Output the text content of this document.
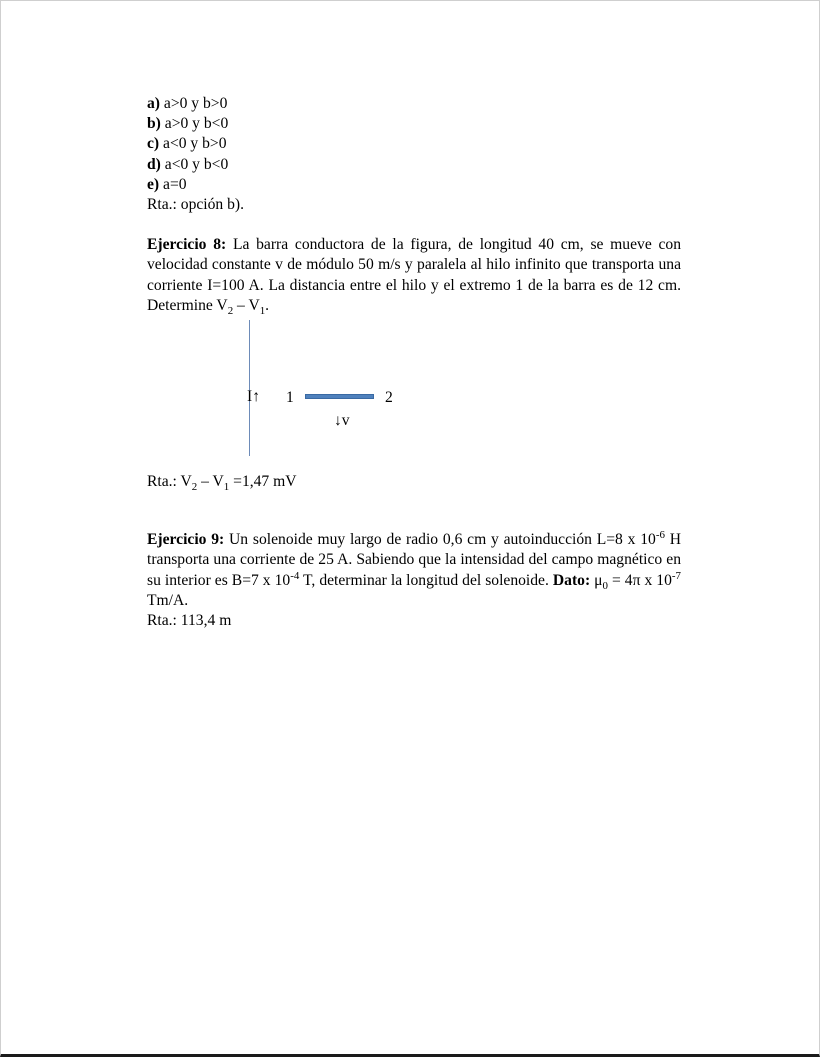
a) a>0 y b>0
b) a>0 y b<0
c) a<0 y b>0
d) a<0 y b<0
e) a=0
Rta.: opción b).
Ejercicio 8: La barra conductora de la figura, de longitud 40 cm, se mueve con velocidad constante v de módulo 50 m/s y paralela al hilo infinito que transporta una corriente I=100 A. La distancia entre el hilo y el extremo 1 de la barra es de 12 cm. Determine $V_2 - V_1$.
I↑ 1	2
↓v
Rta.: $V_2 - V_1 =1,47$ mV
Ejercicio 9: Un solenoide muy largo de radio 0,6 cm y autoinducción L=8 x $10^{-6}$ H transporta una corriente de 25 A. Sabiendo que la intensidad del campo magnético en su interior es B=7 x $10^{-4}$ T, determinar la longitud del solenoide. Dato: $\mu_0 = 4\pi$ x $10^{-7}$ Tm/A.
Rta.: 113,4 m
